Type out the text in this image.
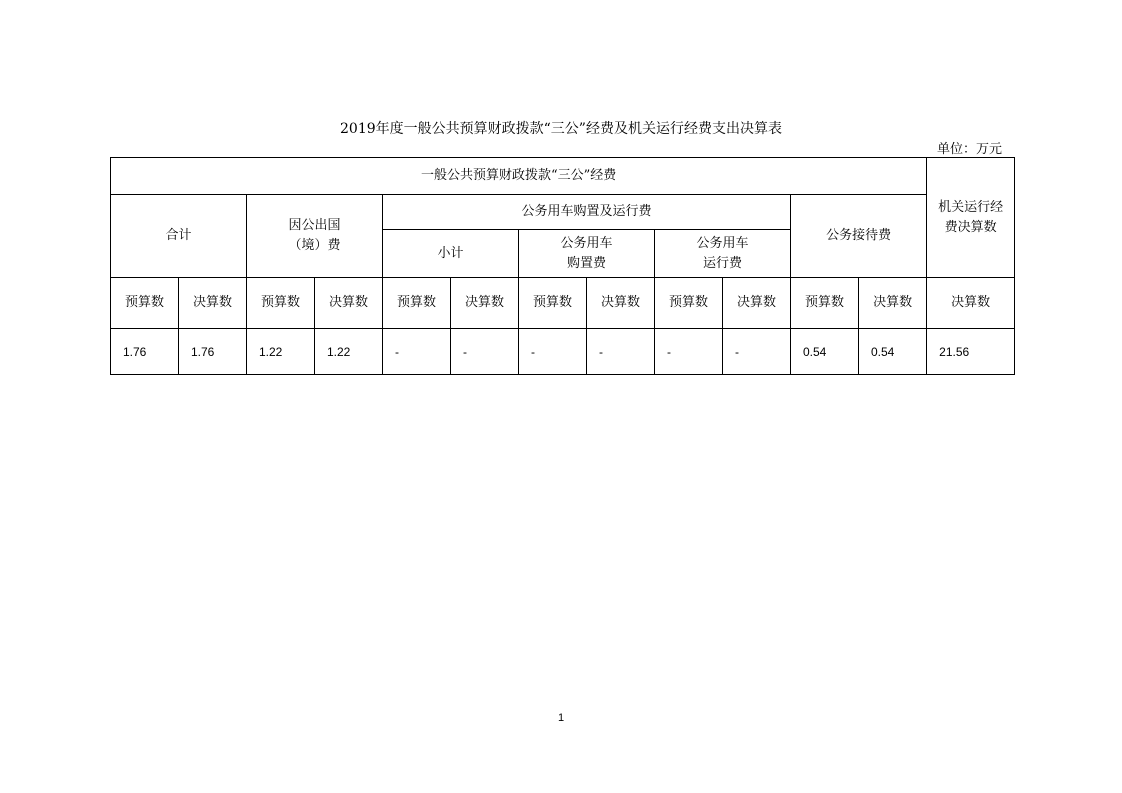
2019年度一般公共预算财政拨款“三公”经费及机关运行经费支出决算表
单位：万元
一般公共预算财政拨款“三公”经费												机关运行经费决算数
合计		因公出国（境）费		公务用车购置及运行费						公务接待费		
				小计		公务用车购置费		公务用车运行费				
预算数	决算数	预算数	决算数	预算数	决算数	预算数	决算数	预算数	决算数	预算数	决算数	决算数
1.76	1.76	1.22	1.22	-	-	-	-	-	-	0.54	0.54	21.56
1
